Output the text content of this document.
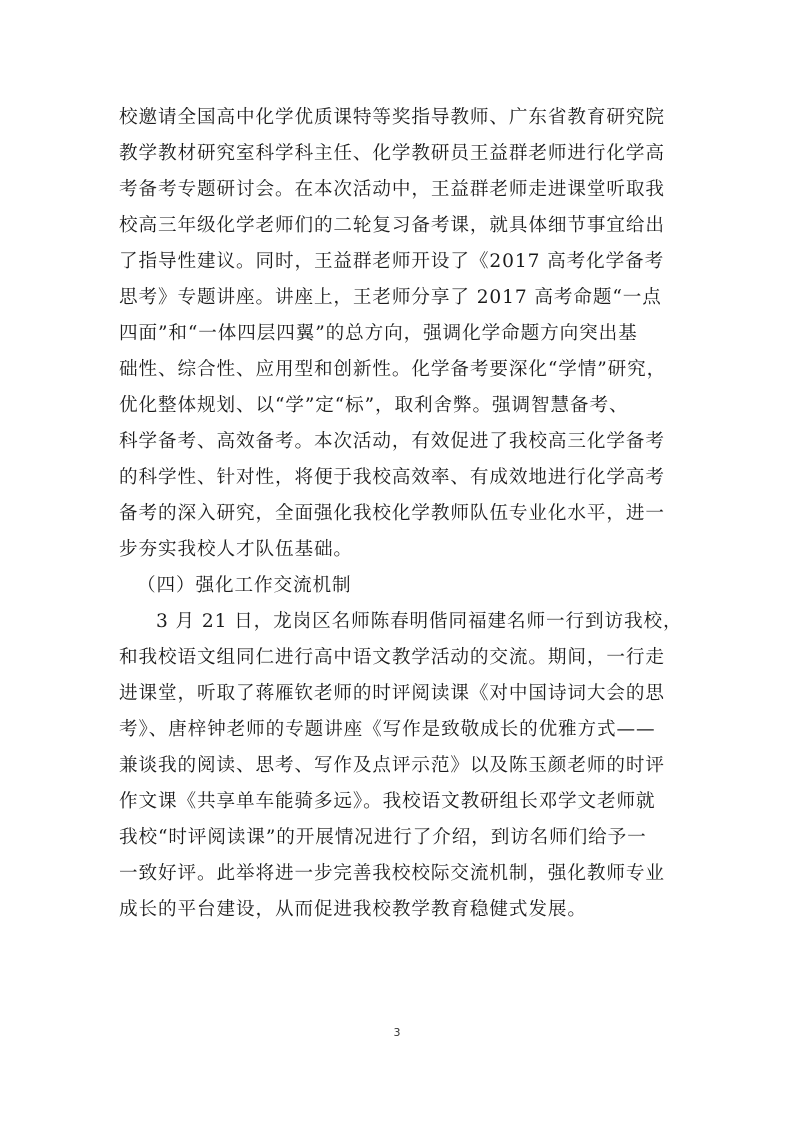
校邀请全国高中化学优质课特等奖指导教师、广东省教育研究院
教学教材研究室科学科主任、化学教研员王益群老师进行化学高
考备考专题研讨会。在本次活动中，王益群老师走进课堂听取我
校高三年级化学老师们的二轮复习备考课，就具体细节事宜给出
了指导性建议。同时，王益群老师开设了《2017 高考化学备考
思考》专题讲座。讲座上，王老师分享了 2017 高考命题“一点
四面”和“一体四层四翼”的总方向，强调化学命题方向突出基
础性、综合性、应用型和创新性。化学备考要深化“学情”研究，
优化整体规划、以“学”定“标”，取利舍弊。强调智慧备考、
科学备考、高效备考。本次活动，有效促进了我校高三化学备考
的科学性、针对性，将便于我校高效率、有成效地进行化学高考
备考的深入研究，全面强化我校化学教师队伍专业化水平，进一
步夯实我校人才队伍基础。
（四）强化工作交流机制
3 月 21 日，龙岗区名师陈春明偕同福建名师一行到访我校，
和我校语文组同仁进行高中语文教学活动的交流。期间，一行走
进课堂，听取了蒋雁钦老师的时评阅读课《对中国诗词大会的思
考》、唐梓钟老师的专题讲座《写作是致敬成长的优雅方式——
兼谈我的阅读、思考、写作及点评示范》以及陈玉颜老师的时评
作文课《共享单车能骑多远》。我校语文教研组长邓学文老师就
我校“时评阅读课”的开展情况进行了介绍，到访名师们给予一
一致好评。此举将进一步完善我校校际交流机制，强化教师专业
成长的平台建设，从而促进我校教学教育稳健式发展。
3
